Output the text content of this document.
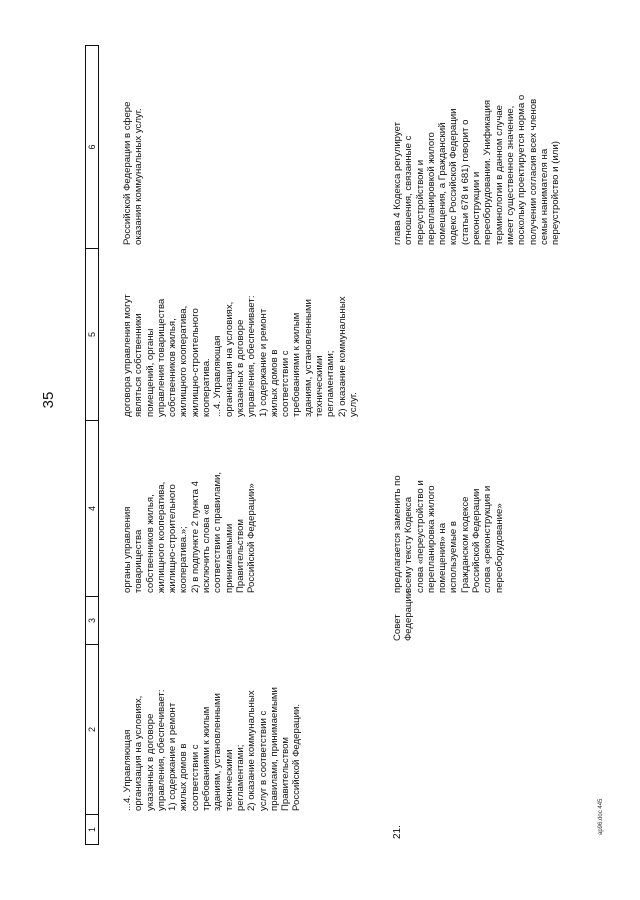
35
1
2
3
4
5
6
...4. Управляющая
организация на условиях,
указанных в договоре
управления, обеспечивает:
1) содержание и ремонт
жилых домов в
соответствии с
требованиями к жилым
зданиям, установленными
техническими
регламентами;
2) оказание коммунальных
услуг в соответствии с
правилами, принимаемыми
Правительством
Российской Федерации.
органы управления
товарищества
собственников жилья,
жилищного кооператива,
жилищно-строительного
кооператива.»;
2) в подпункте 2 пункта 4
исключить слова «в
соответствии с правилами,
принимаемыми
Правительством
Российской Федерации»
договора управления могут
являться собственники
помещений, органы
управления товарищества
собственников жилья,
жилищного кооператива,
жилищно-строительного
кооператива.
...4. Управляющая
организация на условиях,
указанных в договоре
управления, обеспечивает:
1) содержание и ремонт
жилых домов в
соответствии с
требованиями к жилым
зданиям, установленными
техническими
регламентами;
2) оказание коммунальных
услуг.
Российской Федерации в сфере
оказания коммунальных услуг.
21.
Совет
Федерации
предлагается заменить по
всему тексту Кодекса
слова «переустройство и
перепланировка жилого
помещения» на
используемые в
Гражданском кодексе
Российской Федерации
слова «реконструкция и
переоборудование»
глава 4 Кодекса регулирует
отношения, связанные с
переустройством и
перепланировкой жилого
помещения, а Гражданский
кодекс Российской Федерации
(статьи 678 и 681) говорит о
реконструкции и
переоборудовании. Унификация
терминологии в данном случае
имеет существенное значение,
поскольку проектируется норма о
получении согласия всех членов
семьи нанимателя на
переустройство и (или)
ap96.doc 445
